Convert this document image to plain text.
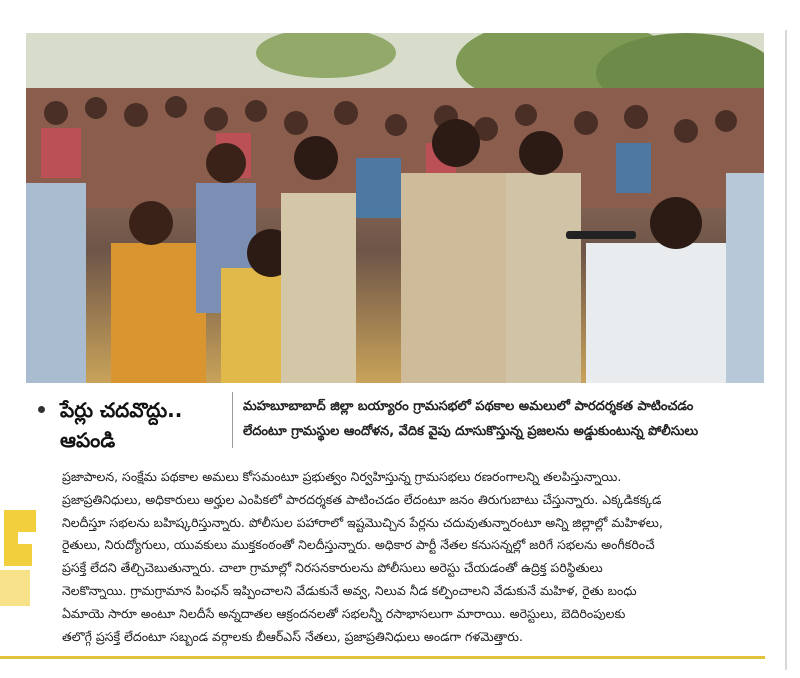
పేర్లు చదవొద్దు..
ఆపండి
మహబూబాబాద్ జిల్లా బయ్యారం గ్రామసభలో పథకాల అమలులో పారదర్శకత పాటించడం
లేదంటూ గ్రామస్థుల ఆందోళన, వేదిక వైపు దూసుకొస్తున్న ప్రజలను అడ్డుకుంటున్న పోలీసులు
ప్రజాపాలన, సంక్షేమ పథకాల అమలు కోసమంటూ ప్రభుత్వం నిర్వహిస్తున్న గ్రామసభలు రణరంగాలన్ని తలపిస్తున్నాయి.
ప్రజాప్రతినిధులు, అధికారులు అర్హుల ఎంపికలో పారదర్శకత పాటించడం లేదంటూ జనం తిరుగుబాటు చేస్తున్నారు. ఎక్కడికక్కడ
నిలదీస్తూ సభలను బహిష్కరిస్తున్నారు. పోలీసుల పహారాలో ఇష్టమొచ్చిన పేర్లను చదువుతున్నారంటూ అన్ని జిల్లాల్లో మహిళలు,
రైతులు, నిరుద్యోగులు, యువకులు ముక్తకంఠంతో నిలదీస్తున్నారు. అధికార పార్టీ నేతల కనుసన్నల్లో జరిగే సభలను అంగీకరించే
ప్రసక్తే లేదని తేల్చిచెబుతున్నారు. చాలా గ్రామాల్లో నిరసనకారులను పోలీసులు అరెస్టు చేయడంతో ఉద్రిక్త పరిస్థితులు
నెలకొన్నాయి. గ్రామగ్రామాన పింఛన్ ఇప్పించాలని వేడుకునే అవ్వ, నిలువ నీడ కల్పించాలని వేడుకునే మహిళ, రైతు బంధు
ఏమాయె సారూ అంటూ నిలదీసే అన్నదాతల ఆక్రందనలతో సభలన్నీ రసాభాసలుగా మారాయి. అరెస్టులు, బెదిరింపులకు
తలొగ్గే ప్రసక్తే లేదంటూ సబ్బండ వర్గాలకు బీఆర్ఎస్ నేతలు, ప్రజాప్రతినిధులు అండగా గళమెత్తారు.
